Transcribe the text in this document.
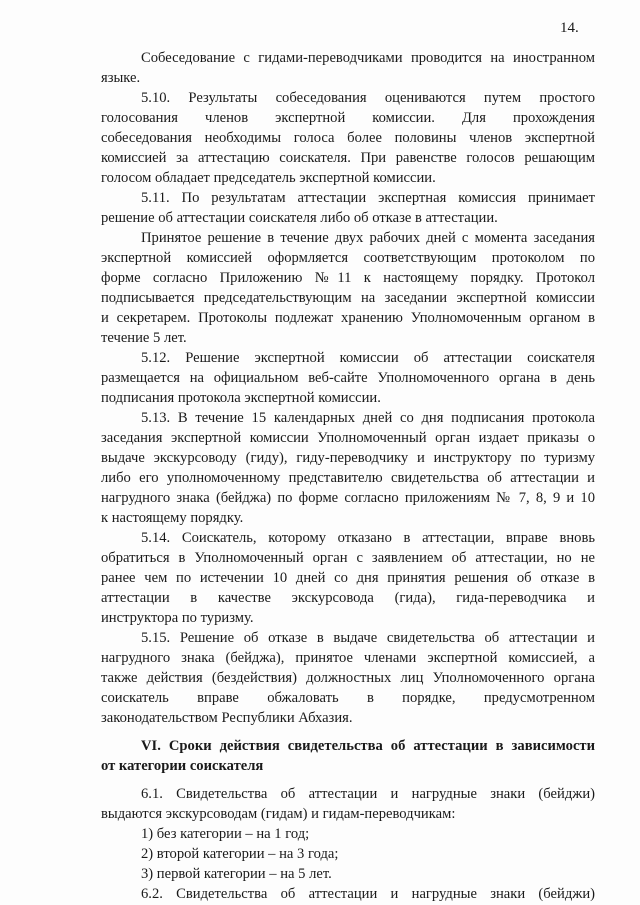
14.
Собеседование с гидами-переводчиками проводится на иностранном
языке.
5.10. Результаты собеседования оцениваются путем простого
голосования членов экспертной комиссии. Для прохождения
собеседования необходимы голоса более половины членов экспертной
комиссией за аттестацию соискателя. При равенстве голосов решающим
голосом обладает председатель экспертной комиссии.
5.11. По результатам аттестации экспертная комиссия принимает
решение об аттестации соискателя либо об отказе в аттестации.
Принятое решение в течение двух рабочих дней с момента заседания
экспертной комиссией оформляется соответствующим протоколом по
форме согласно Приложению №11 к настоящему порядку. Протокол
подписывается председательствующим на заседании экспертной комиссии
и секретарем. Протоколы подлежат хранению Уполномоченным органом в
течение 5 лет.
5.12. Решение экспертной комиссии об аттестации соискателя
размещается на официальном веб-сайте Уполномоченного органа в день
подписания протокола экспертной комиссии.
5.13. В течение 15 календарных дней со дня подписания протокола
заседания экспертной комиссии Уполномоченный орган издает приказы о
выдаче экскурсоводу (гиду), гиду-переводчику и инструктору по туризму
либо его уполномоченному представителю свидетельства об аттестации и
нагрудного знака (бейджа) по форме согласно приложениям № 7, 8, 9 и 10
к настоящему порядку.
5.14. Соискатель, которому отказано в аттестации, вправе вновь
обратиться в Уполномоченный орган с заявлением об аттестации, но не
ранее чем по истечении 10 дней со дня принятия решения об отказе в
аттестации в качестве экскурсовода (гида), гида-переводчика и
инструктора по туризму.
5.15. Решение об отказе в выдаче свидетельства об аттестации и
нагрудного знака (бейджа), принятое членами экспертной комиссией, а
также действия (бездействия) должностных лиц Уполномоченного органа
соискатель вправе обжаловать в порядке, предусмотренном
законодательством Республики Абхазия.
VI. Сроки действия свидетельства об аттестации в зависимости
от категории соискателя
6.1. Свидетельства об аттестации и нагрудные знаки (бейджи)
выдаются экскурсоводам (гидам) и гидам-переводчикам:
1) без категории – на 1 год;
2) второй категории – на 3 года;
3) первой категории – на 5 лет.
6.2. Свидетельства об аттестации и нагрудные знаки (бейджи)
